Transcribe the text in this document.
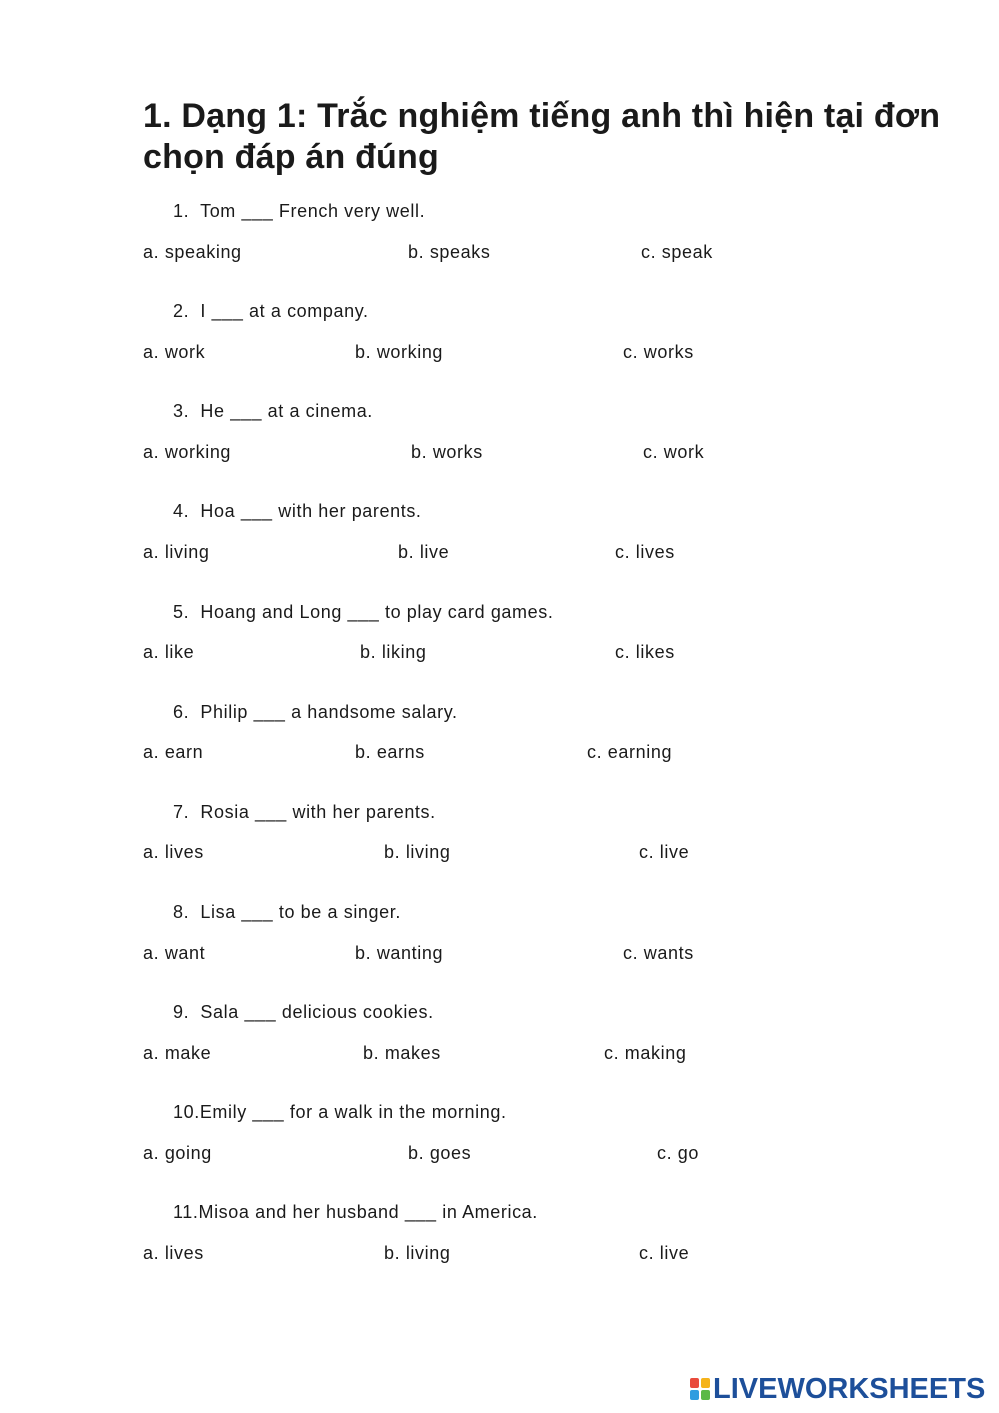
1. Dạng 1: Trắc nghiệm tiếng anh thì hiện tại đơn chọn đáp án đúng
1.  Tom ___ French very well.
a. speaking	b. speaks	c. speak
2.  I ___ at a company.
a. work	b. working	c. works
3.  He ___ at a cinema.
a. working	b. works	c. work
4.  Hoa ___ with her parents.
a. living	b. live	c. lives
5.  Hoang and Long ___ to play card games.
a. like	b. liking	c. likes
6.  Philip ___ a handsome salary.
a. earn	b. earns	c. earning
7.  Rosia ___ with her parents.
a. lives	b. living	c. live
8.  Lisa ___ to be a singer.
a. want	b. wanting	c. wants
9.  Sala ___ delicious cookies.
a. make	b. makes	c. making
10.Emily ___ for a walk in the morning.
a. going	b. goes	c. go
11.Misoa and her husband ___ in America.
a. lives	b. living	c. live
LIVEWORKSHEETS
